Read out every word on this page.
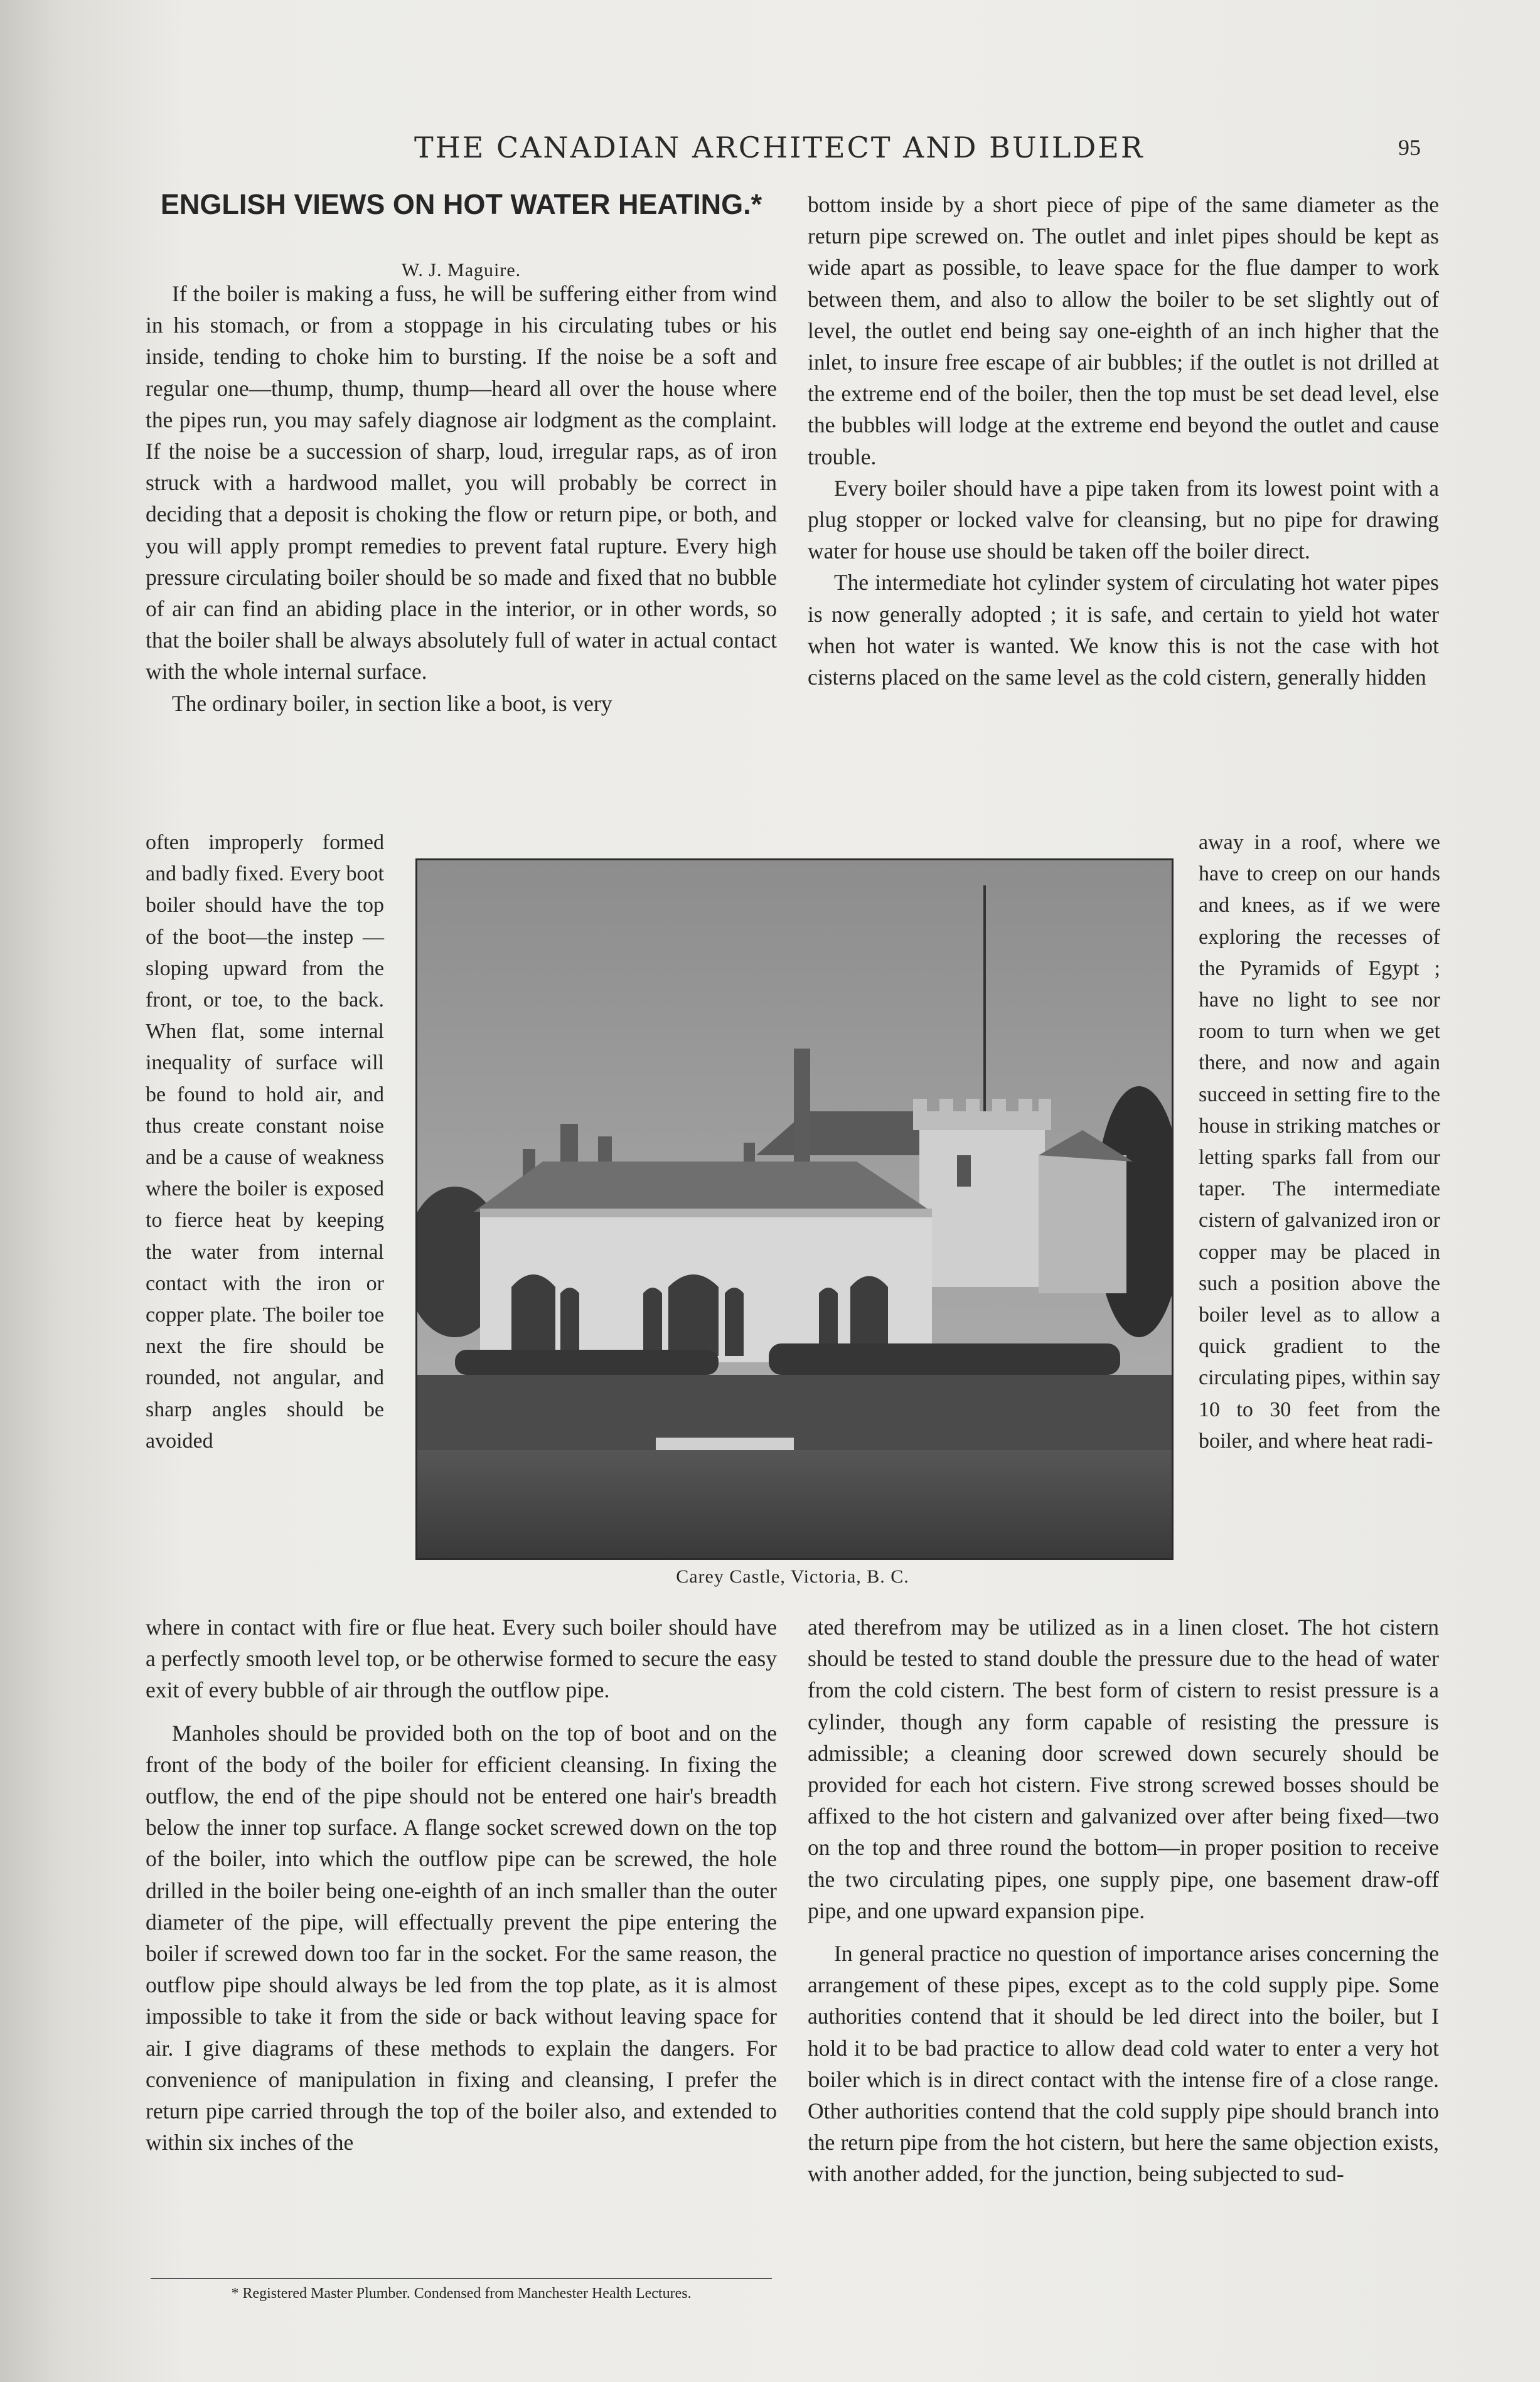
THE CANADIAN ARCHITECT AND BUILDER	95
ENGLISH VIEWS ON HOT WATER HEATING.*
W. J. Maguire.

If the boiler is making a fuss, he will be suffering either from wind in his stomach, or from a stoppage in his circulating tubes or his inside, tending to choke him to bursting. If the noise be a soft and regular one—thump, thump, thump—heard all over the house where the pipes run, you may safely diagnose air lodgment as the complaint. If the noise be a succession of sharp, loud, irregular raps, as of iron struck with a hardwood mallet, you will probably be correct in deciding that a deposit is choking the flow or return pipe, or both, and you will apply prompt remedies to prevent fatal rupture. Every high pressure circulating boiler should be so made and fixed that no bubble of air can find an abiding place in the interior, or in other words, so that the boiler shall be always absolutely full of water in actual contact with the whole internal surface.

The ordinary boiler, in section like a boot, is very

often improperly formed and badly fixed. Every boot boiler should have the top of the boot—the instep — sloping upward from the front, or toe, to the back. When flat, some internal inequality of surface will be found to hold air, and thus create constant noise and be a cause of weakness where the boiler is exposed to fierce heat by keeping the water from internal contact with the iron or copper plate. The boiler toe next the fire should be rounded, not angular, and sharp angles should be avoided

where in contact with fire or flue heat. Every such boiler should have a perfectly smooth level top, or be otherwise formed to secure the easy exit of every bubble of air through the outflow pipe.

Manholes should be provided both on the top of boot and on the front of the body of the boiler for efficient cleansing. In fixing the outflow, the end of the pipe should not be entered one hair's breadth below the inner top surface. A flange socket screwed down on the top of the boiler, into which the outflow pipe can be screwed, the hole drilled in the boiler being one-eighth of an inch smaller than the outer diameter of the pipe, will effectually prevent the pipe entering the boiler if screwed down too far in the socket. For the same reason, the outflow pipe should always be led from the top plate, as it is almost impossible to take it from the side or back without leaving space for air. I give diagrams of these methods to explain the dangers. For convenience of manipulation in fixing and cleansing, I prefer the return pipe carried through the top of the boiler also, and extended to within six inches of the

bottom inside by a short piece of pipe of the same diameter as the return pipe screwed on. The outlet and inlet pipes should be kept as wide apart as possible, to leave space for the flue damper to work between them, and also to allow the boiler to be set slightly out of level, the outlet end being say one-eighth of an inch higher that the inlet, to insure free escape of air bubbles; if the outlet is not drilled at the extreme end of the boiler, then the top must be set dead level, else the bubbles will lodge at the extreme end beyond the outlet and cause trouble.

Every boiler should have a pipe taken from its lowest point with a plug stopper or locked valve for cleansing, but no pipe for drawing water for house use should be taken off the boiler direct.

The intermediate hot cylinder system of circulating hot water pipes is now generally adopted ; it is safe, and certain to yield hot water when hot water is wanted. We know this is not the case with hot cisterns placed on the same level as the cold cistern, generally hidden

away in a roof, where we have to creep on our hands and knees, as if we were exploring the recesses of the Pyramids of Egypt ; have no light to see nor room to turn when we get there, and now and again succeed in setting fire to the house in striking matches or letting sparks fall from our taper. The intermediate cistern of galvanized iron or copper may be placed in such a position above the boiler level as to allow a quick gradient to the circulating pipes, within say 10 to 30 feet from the boiler, and where heat radi-

ated therefrom may be utilized as in a linen closet. The hot cistern should be tested to stand double the pressure due to the head of water from the cold cistern. The best form of cistern to resist pressure is a cylinder, though any form capable of resisting the pressure is admissible; a cleaning door screwed down securely should be provided for each hot cistern. Five strong screwed bosses should be affixed to the hot cistern and galvanized over after being fixed—two on the top and three round the bottom—in proper position to receive the two circulating pipes, one supply pipe, one basement draw-off pipe, and one upward expansion pipe.

In general practice no question of importance arises concerning the arrangement of these pipes, except as to the cold supply pipe. Some authorities contend that it should be led direct into the boiler, but I hold it to be bad practice to allow dead cold water to enter a very hot boiler which is in direct contact with the intense fire of a close range. Other authorities contend that the cold supply pipe should branch into the return pipe from the hot cistern, but here the same objection exists, with another added, for the junction, being subjected to sud-

Carey Castle, Victoria, B. C.
* Registered Master Plumber. Condensed from Manchester Health Lectures.
